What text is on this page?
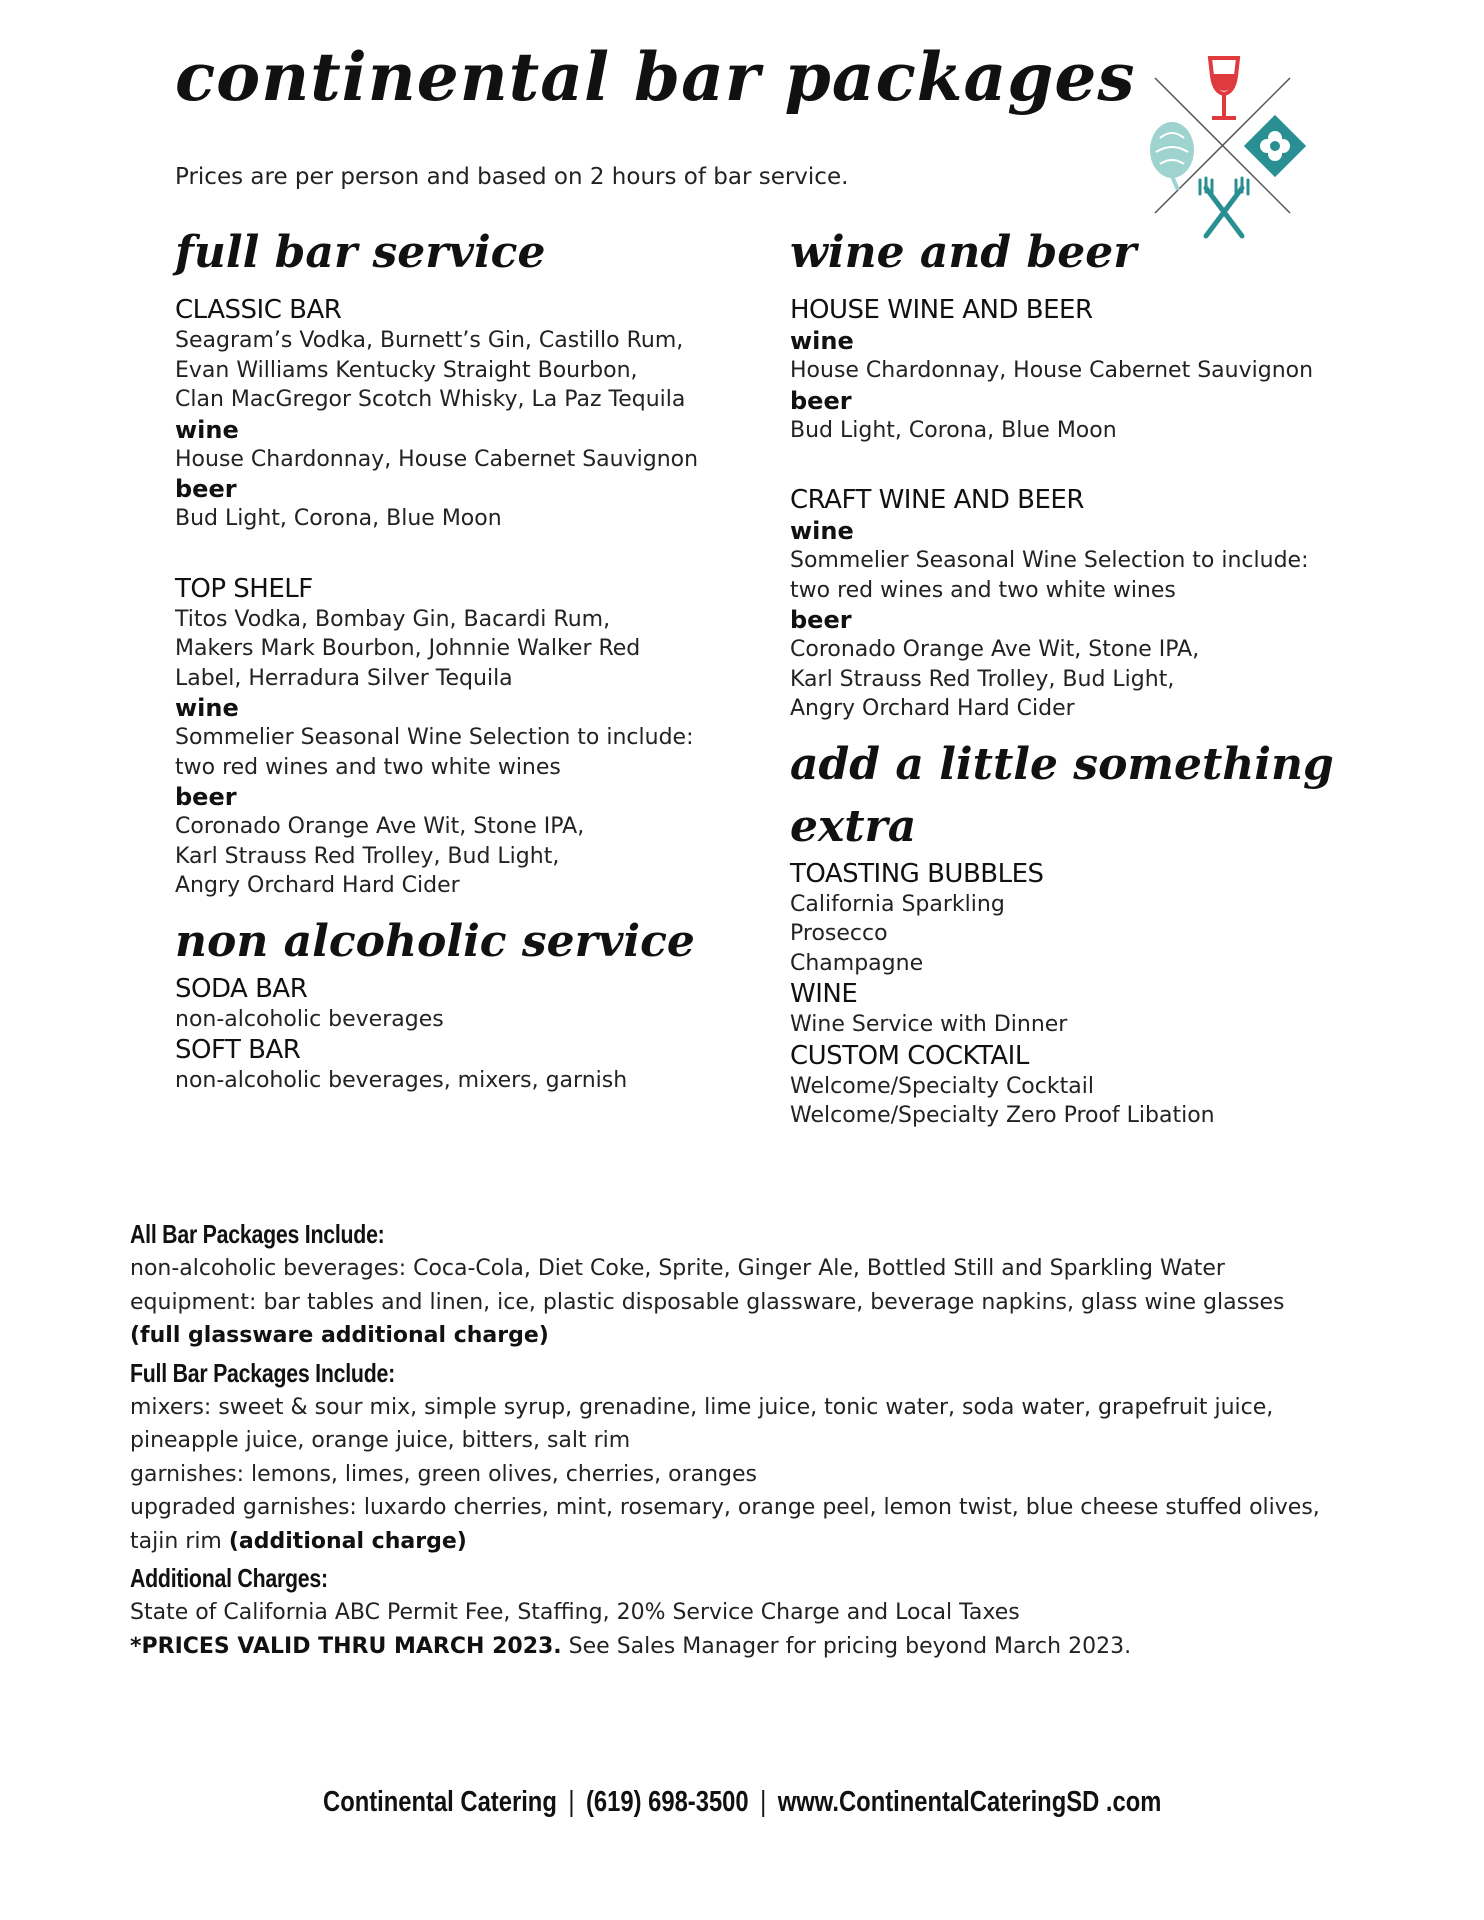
continental bar packages

Prices are per person and based on 2 hours of bar service.

full bar service
CLASSIC BAR
Seagram’s Vodka, Burnett’s Gin, Castillo Rum,
Evan Williams Kentucky Straight Bourbon,
Clan MacGregor Scotch Whisky, La Paz Tequila
wine
House Chardonnay, House Cabernet Sauvignon
beer
Bud Light, Corona, Blue Moon
TOP SHELF
Titos Vodka, Bombay Gin, Bacardi Rum,
Makers Mark Bourbon, Johnnie Walker Red
Label, Herradura Silver Tequila
wine
Sommelier Seasonal Wine Selection to include:
two red wines and two white wines
beer
Coronado Orange Ave Wit, Stone IPA,
Karl Strauss Red Trolley, Bud Light,
Angry Orchard Hard Cider
non alcoholic service
SODA BAR
non-alcoholic beverages
SOFT BAR
non-alcoholic beverages, mixers, garnish
wine and beer
HOUSE WINE AND BEER
wine
House Chardonnay, House Cabernet Sauvignon
beer
Bud Light, Corona, Blue Moon
CRAFT WINE AND BEER
wine
Sommelier Seasonal Wine Selection to include:
two red wines and two white wines
beer
Coronado Orange Ave Wit, Stone IPA,
Karl Strauss Red Trolley, Bud Light,
Angry Orchard Hard Cider
add a little something extra
TOASTING BUBBLES
California Sparkling
Prosecco
Champagne
WINE
Wine Service with Dinner
CUSTOM COCKTAIL
Welcome/Specialty Cocktail
Welcome/Specialty Zero Proof Libation
All Bar Packages Include:
non-alcoholic beverages: Coca-Cola, Diet Coke, Sprite, Ginger Ale, Bottled Still and Sparkling Water
equipment: bar tables and linen, ice, plastic disposable glassware, beverage napkins, glass wine glasses
(full glassware additional charge)
Full Bar Packages Include:
mixers: sweet & sour mix, simple syrup, grenadine, lime juice, tonic water, soda water, grapefruit juice,
pineapple juice, orange juice, bitters, salt rim
garnishes: lemons, limes, green olives, cherries, oranges
upgraded garnishes: luxardo cherries, mint, rosemary, orange peel, lemon twist, blue cheese stuffed olives,
tajin rim (additional charge)
Additional Charges:
State of California ABC Permit Fee, Staffing, 20% Service Charge and Local Taxes
*PRICES VALID THRU MARCH 2023. See Sales Manager for pricing beyond March 2023.
Continental Catering | (619) 698-3500 | www.ContinentalCateringSD .com
